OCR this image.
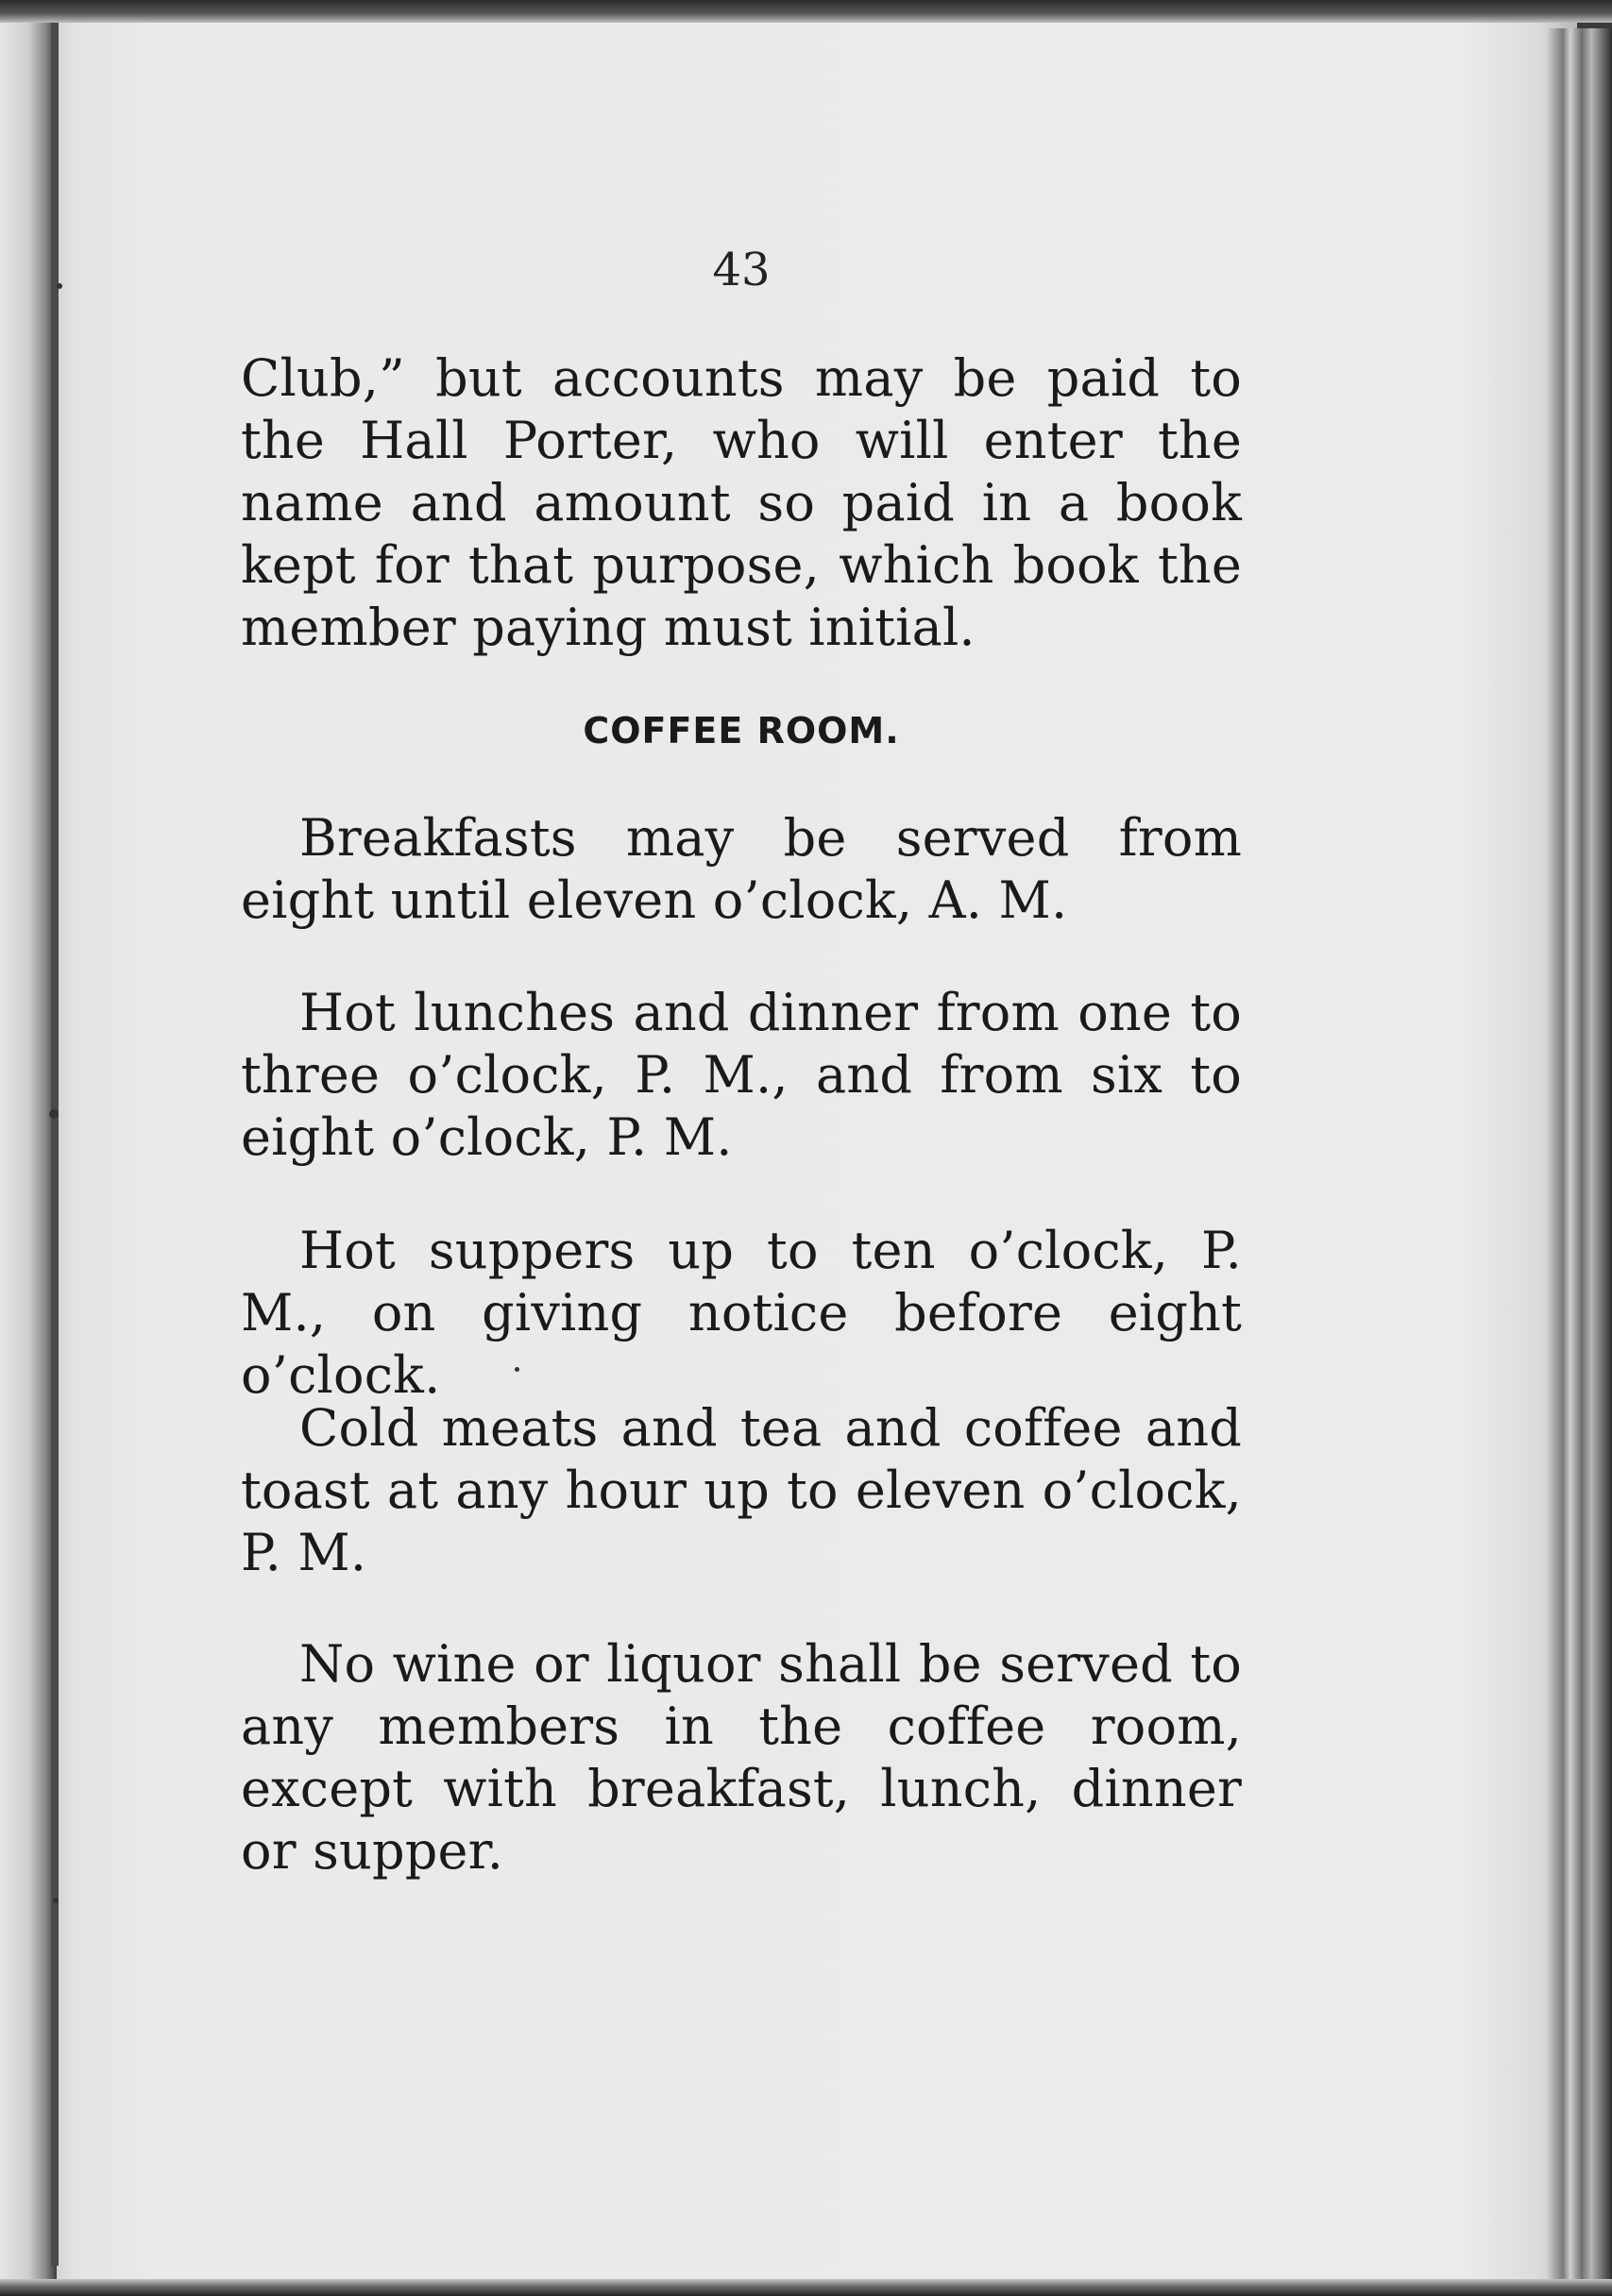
43

Club,” but accounts may be paid to the Hall Porter, who will enter the name and amount so paid in a book kept for that purpose, which book the member paying must initial.

COFFEE ROOM.

Breakfasts may be served from eight until eleven o’clock, A. M.

Hot lunches and dinner from one to three o’clock, P. M., and from six to eight o’clock, P. M.

Hot suppers up to ten o’clock, P. M., on giving notice before eight o’clock.

Cold meats and tea and coffee and toast at any hour up to eleven o’clock, P. M.

No wine or liquor shall be served to any members in the coffee room, except with breakfast, lunch, dinner or supper.
